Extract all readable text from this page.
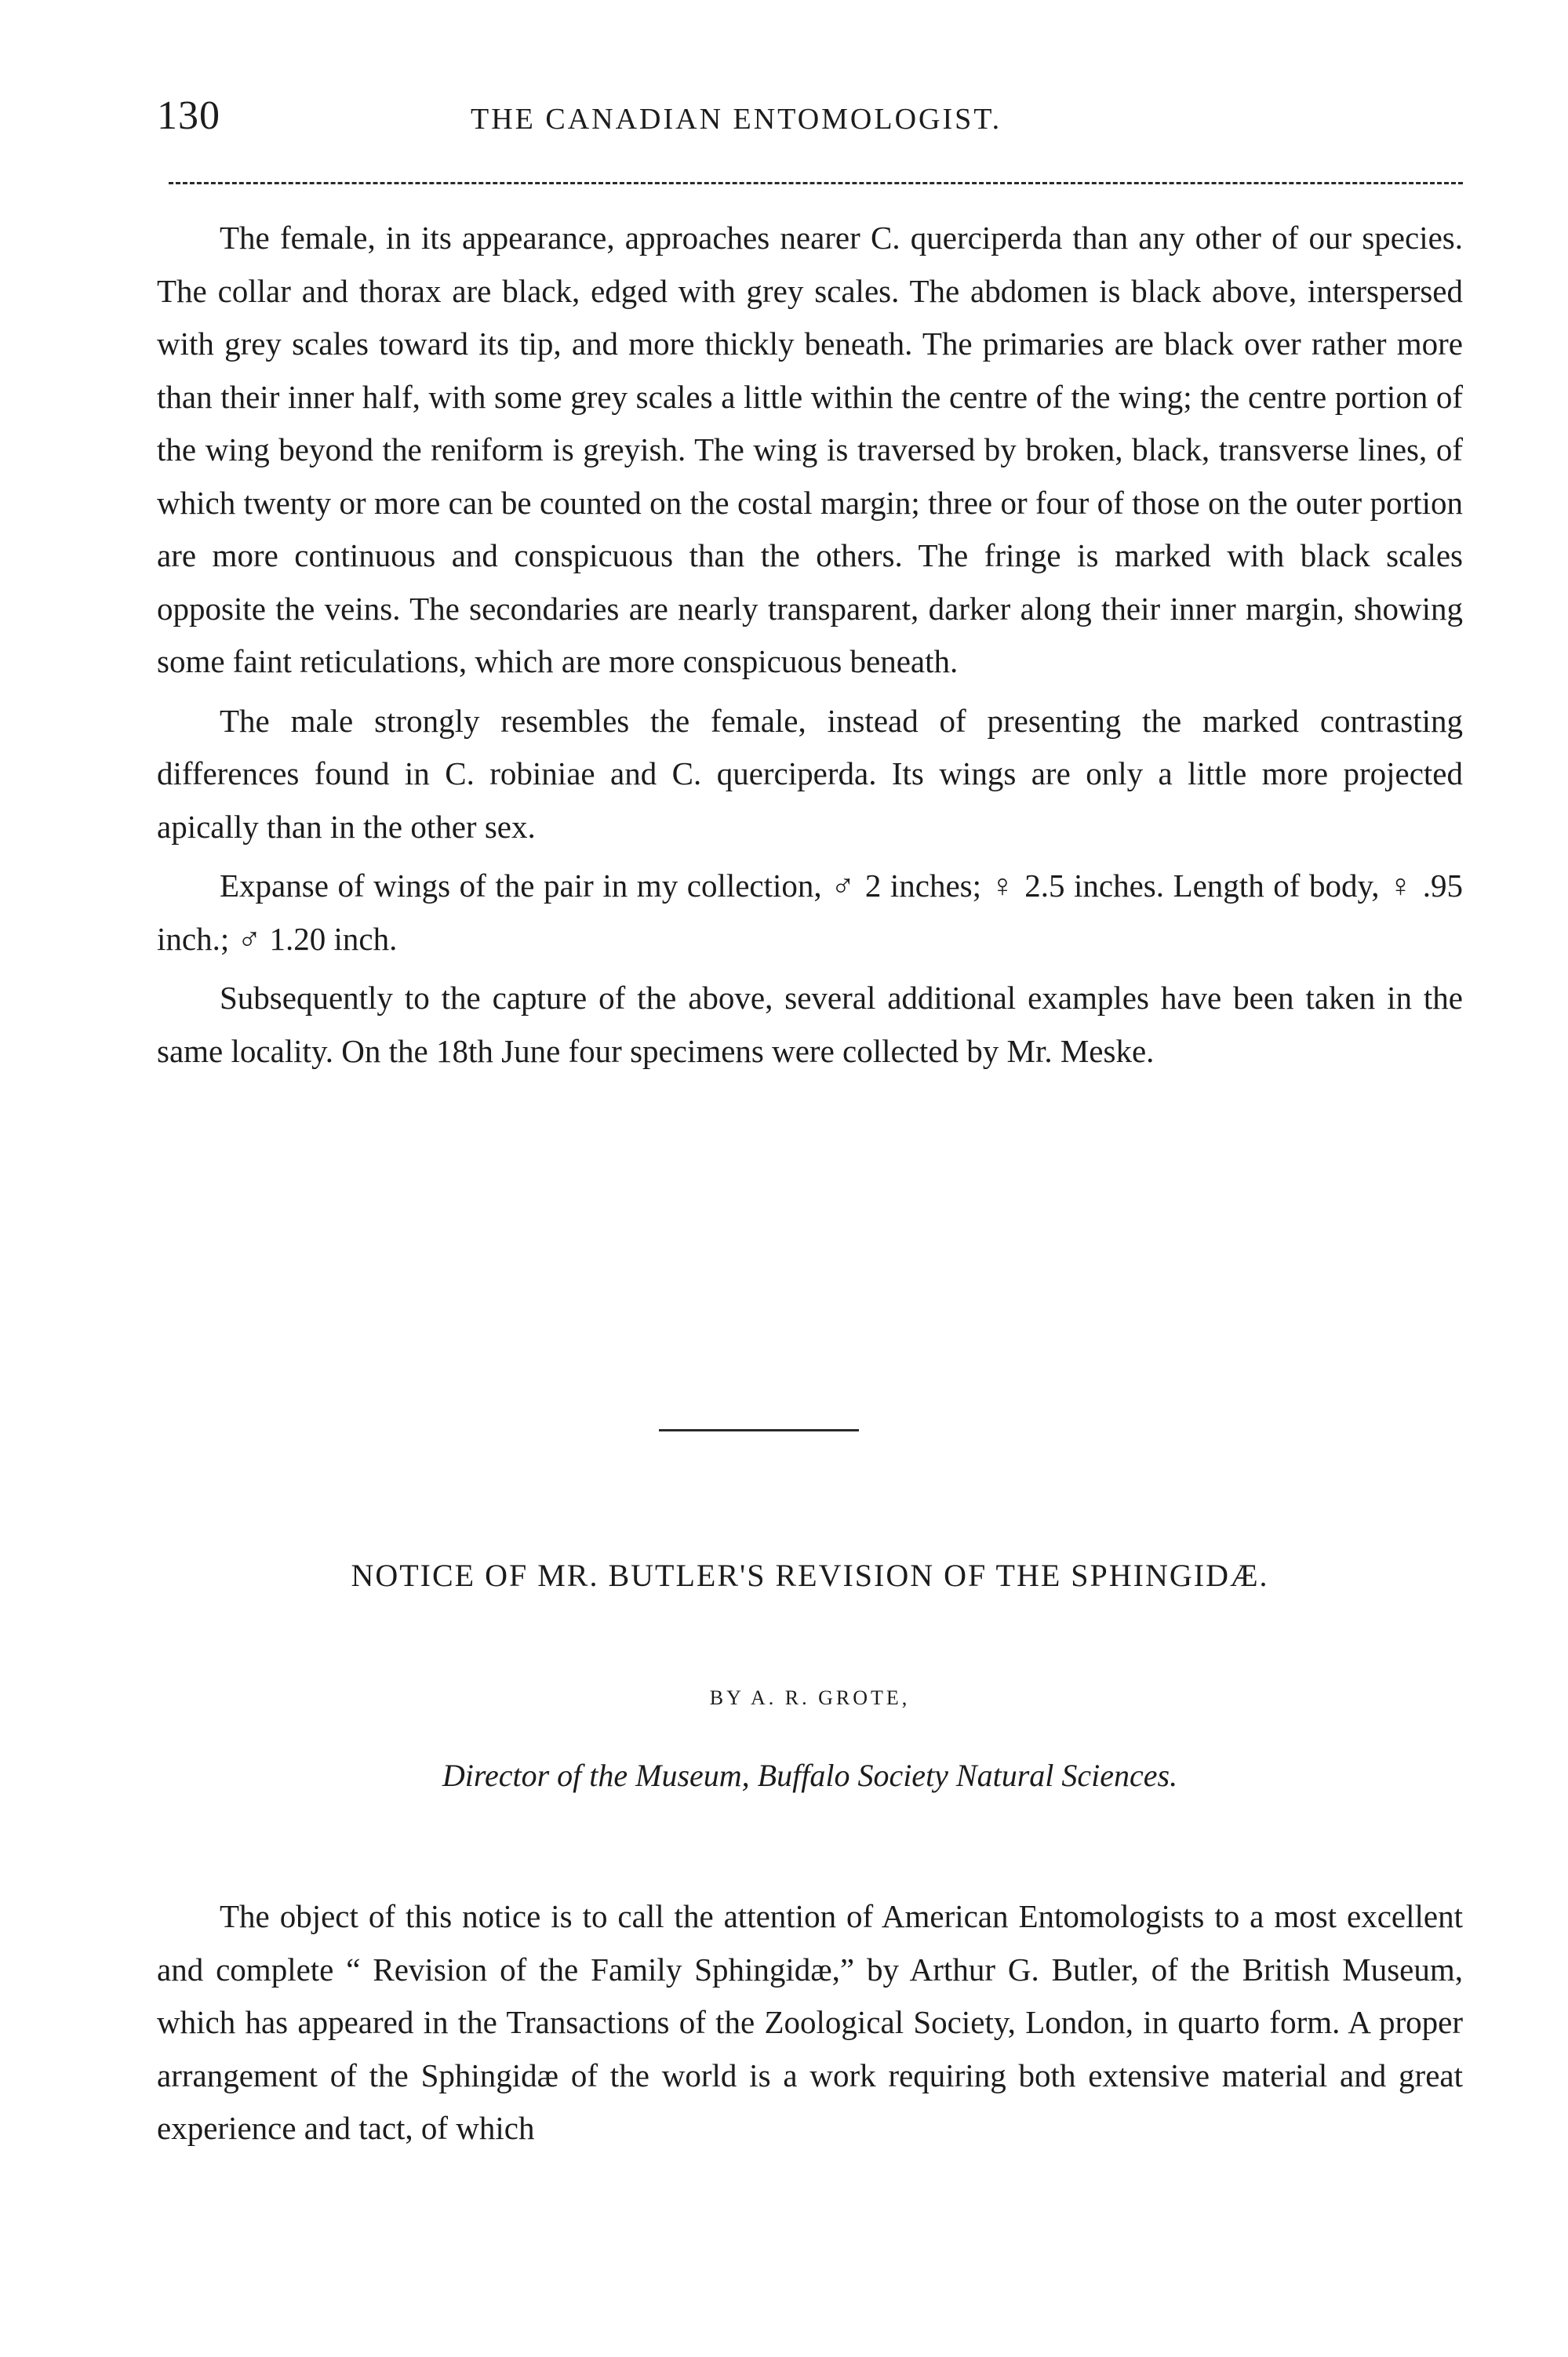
130	THE CANADIAN ENTOMOLOGIST.

The female, in its appearance, approaches nearer C. querciperda than any other of our species. The collar and thorax are black, edged with grey scales. The abdomen is black above, interspersed with grey scales toward its tip, and more thickly beneath. The primaries are black over rather more than their inner half, with some grey scales a little within the centre of the wing; the centre portion of the wing beyond the reniform is greyish. The wing is traversed by broken, black, transverse lines, of which twenty or more can be counted on the costal margin; three or four of those on the outer portion are more continuous and conspicuous than the others. The fringe is marked with black scales opposite the veins. The secondaries are nearly transparent, darker along their inner margin, showing some faint reticulations, which are more conspicuous beneath.

The male strongly resembles the female, instead of presenting the marked contrasting differences found in C. robiniae and C. querciperda. Its wings are only a little more projected apically than in the other sex.

Expanse of wings of the pair in my collection, ♂ 2 inches; ♀ 2.5 inches. Length of body, ♀ .95 inch.; ♂ 1.20 inch.

Subsequently to the capture of the above, several additional examples have been taken in the same locality. On the 18th June four specimens were collected by Mr. Meske.

NOTICE OF MR. BUTLER'S REVISION OF THE SPHINGIDÆ.
BY A. R. GROTE,
Director of the Museum, Buffalo Society Natural Sciences.

The object of this notice is to call the attention of American Entomologists to a most excellent and complete “ Revision of the Family Sphingidæ,” by Arthur G. Butler, of the British Museum, which has appeared in the Transactions of the Zoological Society, London, in quarto form. A proper arrangement of the Sphingidæ of the world is a work requiring both extensive material and great experience and tact, of which
